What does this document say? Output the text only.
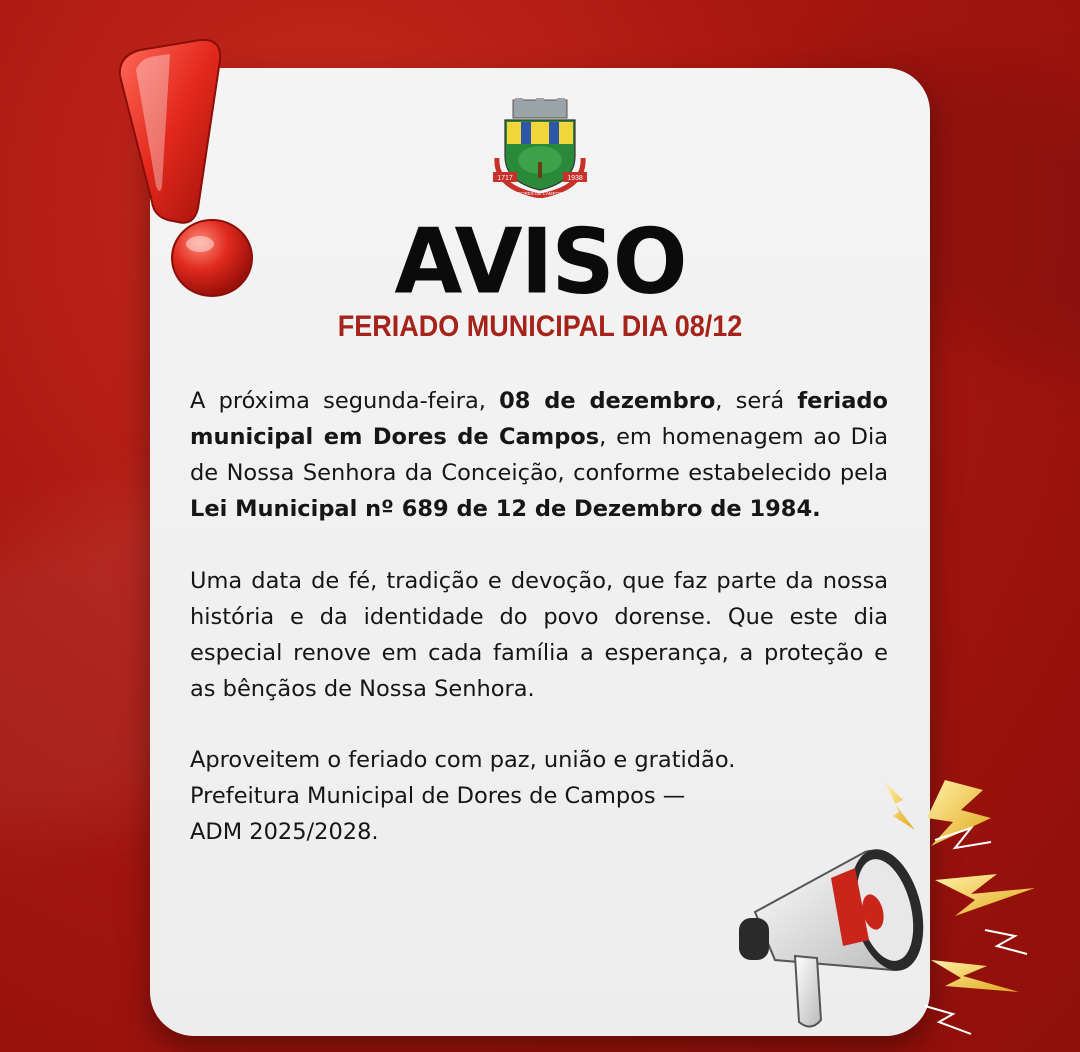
1717	1938
DORES DE CAMPOS
AVISO
FERIADO MUNICIPAL DIA 08/12
A próxima segunda-feira, 08 de dezembro, será feriado municipal em Dores de Campos, em homenagem ao Dia de Nossa Senhora da Conceição, conforme estabelecido pela Lei Municipal nº 689 de 12 de Dezembro de 1984.
Uma data de fé, tradição e devoção, que faz parte da nossa história e da identidade do povo dorense. Que este dia especial renove em cada família a esperança, a proteção e as bênçãos de Nossa Senhora.
Aproveitem o feriado com paz, união e gratidão.
Prefeitura Municipal de Dores de Campos —
ADM 2025/2028.
